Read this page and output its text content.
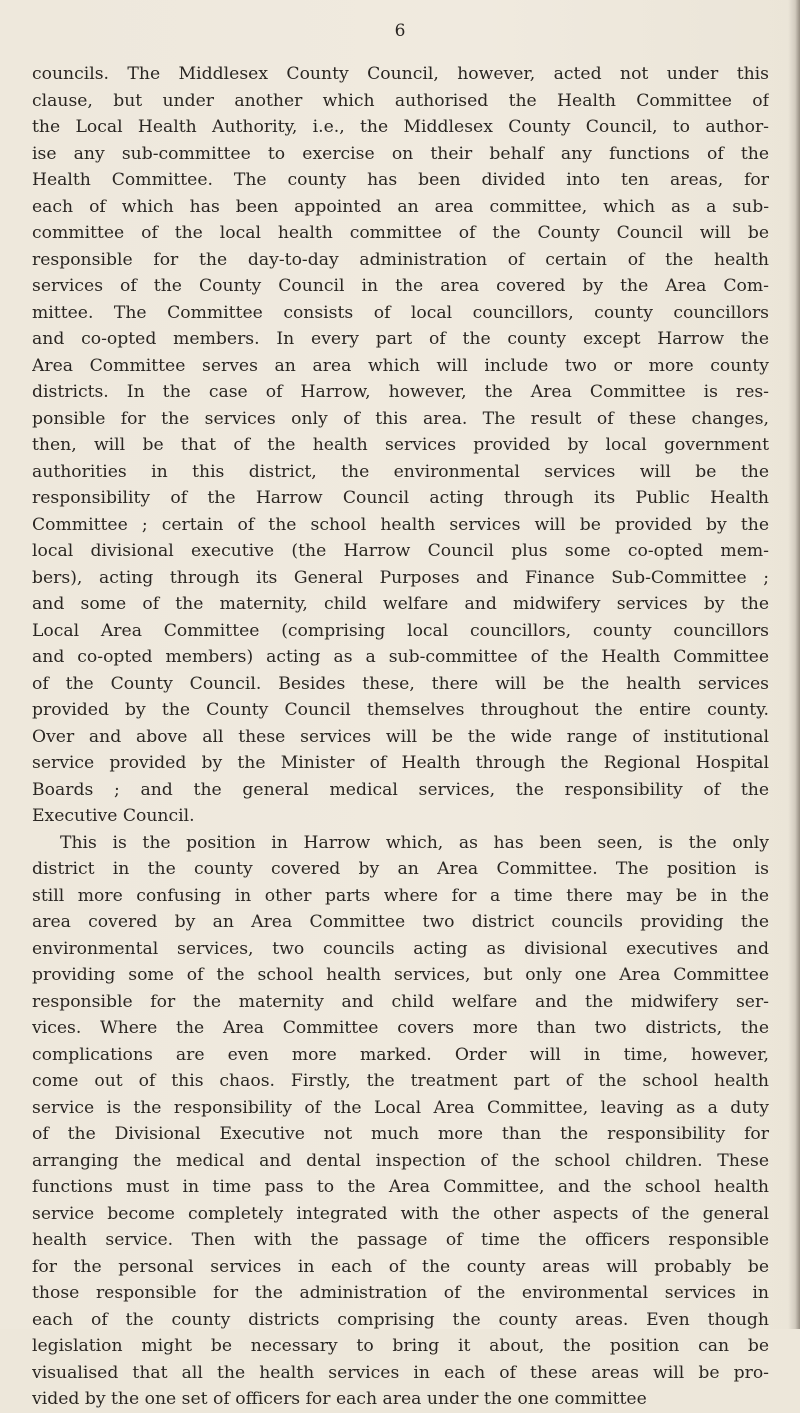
6
councils. The Middlesex County Council, however, acted not under this
clause, but under another which authorised the Health Committee of
the Local Health Authority, i.e., the Middlesex County Council, to author-
ise any sub-committee to exercise on their behalf any functions of the
Health Committee. The county has been divided into ten areas, for
each of which has been appointed an area committee, which as a sub-
committee of the local health committee of the County Council will be
responsible for the day-to-day administration of certain of the health
services of the County Council in the area covered by the Area Com-
mittee. The Committee consists of local councillors, county councillors
and co-opted members. In every part of the county except Harrow the
Area Committee serves an area which will include two or more county
districts. In the case of Harrow, however, the Area Committee is res-
ponsible for the services only of this area. The result of these changes,
then, will be that of the health services provided by local government
authorities in this district, the environmental services will be the
responsibility of the Harrow Council acting through its Public Health
Committee ; certain of the school health services will be provided by the
local divisional executive (the Harrow Council plus some co-opted mem-
bers), acting through its General Purposes and Finance Sub-Committee ;
and some of the maternity, child welfare and midwifery services by the
Local Area Committee (comprising local councillors, county councillors
and co-opted members) acting as a sub-committee of the Health Committee
of the County Council. Besides these, there will be the health services
provided by the County Council themselves throughout the entire county.
Over and above all these services will be the wide range of institutional
service provided by the Minister of Health through the Regional Hospital
Boards ; and the general medical services, the responsibility of the
Executive Council.
This is the position in Harrow which, as has been seen, is the only
district in the county covered by an Area Committee. The position is
still more confusing in other parts where for a time there may be in the
area covered by an Area Committee two district councils providing the
environmental services, two councils acting as divisional executives and
providing some of the school health services, but only one Area Committee
responsible for the maternity and child welfare and the midwifery ser-
vices. Where the Area Committee covers more than two districts, the
complications are even more marked. Order will in time, however,
come out of this chaos. Firstly, the treatment part of the school health
service is the responsibility of the Local Area Committee, leaving as a duty
of the Divisional Executive not much more than the responsibility for
arranging the medical and dental inspection of the school children. These
functions must in time pass to the Area Committee, and the school health
service become completely integrated with the other aspects of the general
health service. Then with the passage of time the officers responsible
for the personal services in each of the county areas will probably be
those responsible for the administration of the environmental services in
each of the county districts comprising the county areas. Even though
legislation might be necessary to bring it about, the position can be
visualised that all the health services in each of these areas will be pro-
vided by the one set of officers for each area under the one committee
